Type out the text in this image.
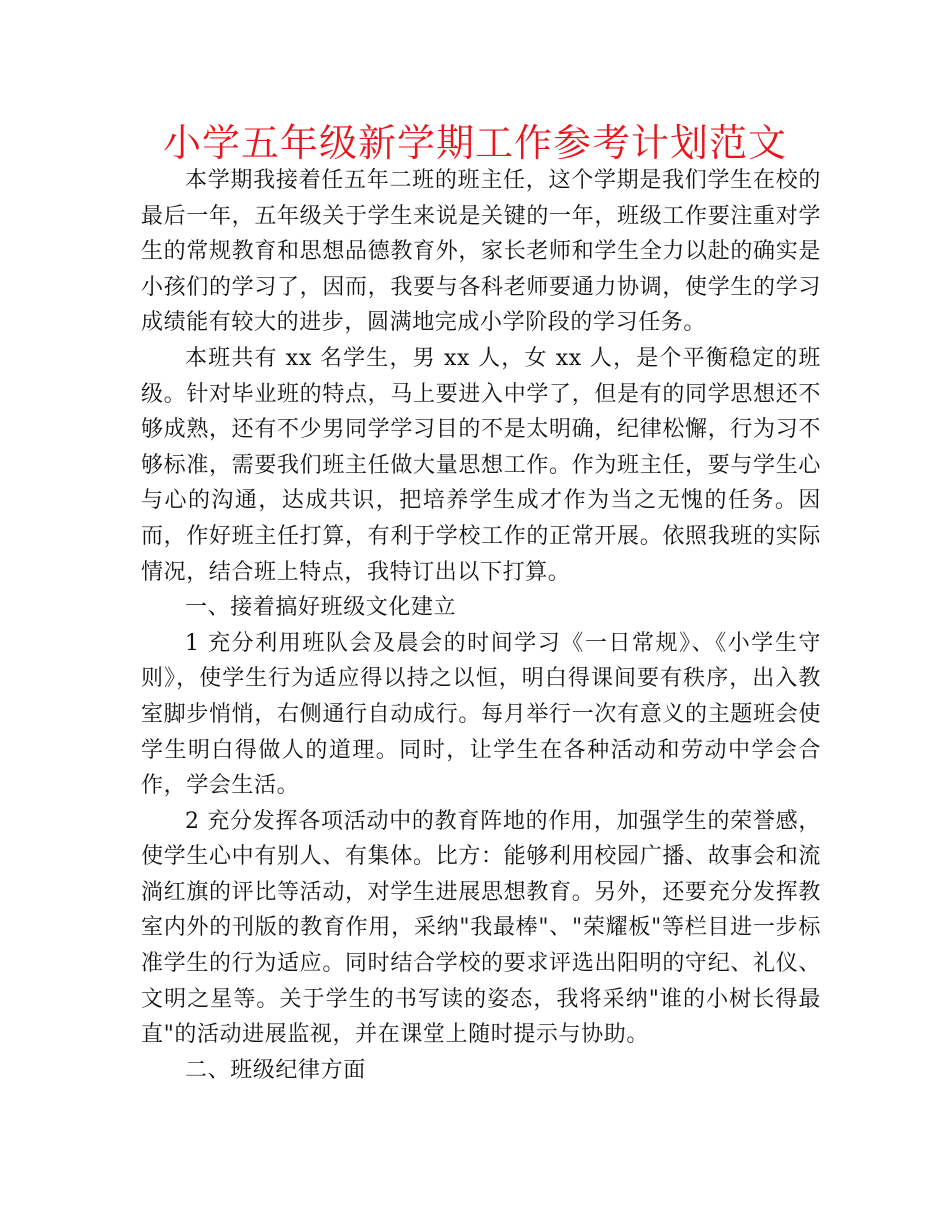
小学五年级新学期工作参考计划范文

本学期我接着任五年二班的班主任，这个学期是我们学生在校的最后一年，五年级关于学生来说是关键的一年，班级工作要注重对学生的常规教育和思想品德教育外，家长老师和学生全力以赴的确实是小孩们的学习了，因而，我要与各科老师要通力协调，使学生的学习成绩能有较大的进步，圆满地完成小学阶段的学习任务。

本班共有 xx 名学生，男 xx 人，女 xx 人，是个平衡稳定的班级。针对毕业班的特点，马上要进入中学了，但是有的同学思想还不够成熟，还有不少男同学学习目的不是太明确，纪律松懈，行为习不够标准，需要我们班主任做大量思想工作。作为班主任，要与学生心与心的沟通，达成共识，把培养学生成才作为当之无愧的任务。因而，作好班主任打算，有利于学校工作的正常开展。依照我班的实际情况，结合班上特点，我特订出以下打算。

一、接着搞好班级文化建立

1 充分利用班队会及晨会的时间学习《一日常规》、《小学生守则》，使学生行为适应得以持之以恒，明白得课间要有秩序，出入教室脚步悄悄，右侧通行自动成行。每月举行一次有意义的主题班会使学生明白得做人的道理。同时，让学生在各种活动和劳动中学会合作，学会生活。

2 充分发挥各项活动中的教育阵地的作用，加强学生的荣誉感，使学生心中有别人、有集体。比方：能够利用校园广播、故事会和流淌红旗的评比等活动，对学生进展思想教育。另外，还要充分发挥教室内外的刊版的教育作用，采纳"我最棒"、"荣耀板"等栏目进一步标准学生的行为适应。同时结合学校的要求评选出阳明的守纪、礼仪、文明之星等。关于学生的书写读的姿态，我将采纳"谁的小树长得最直"的活动进展监视，并在课堂上随时提示与协助。

二、班级纪律方面
